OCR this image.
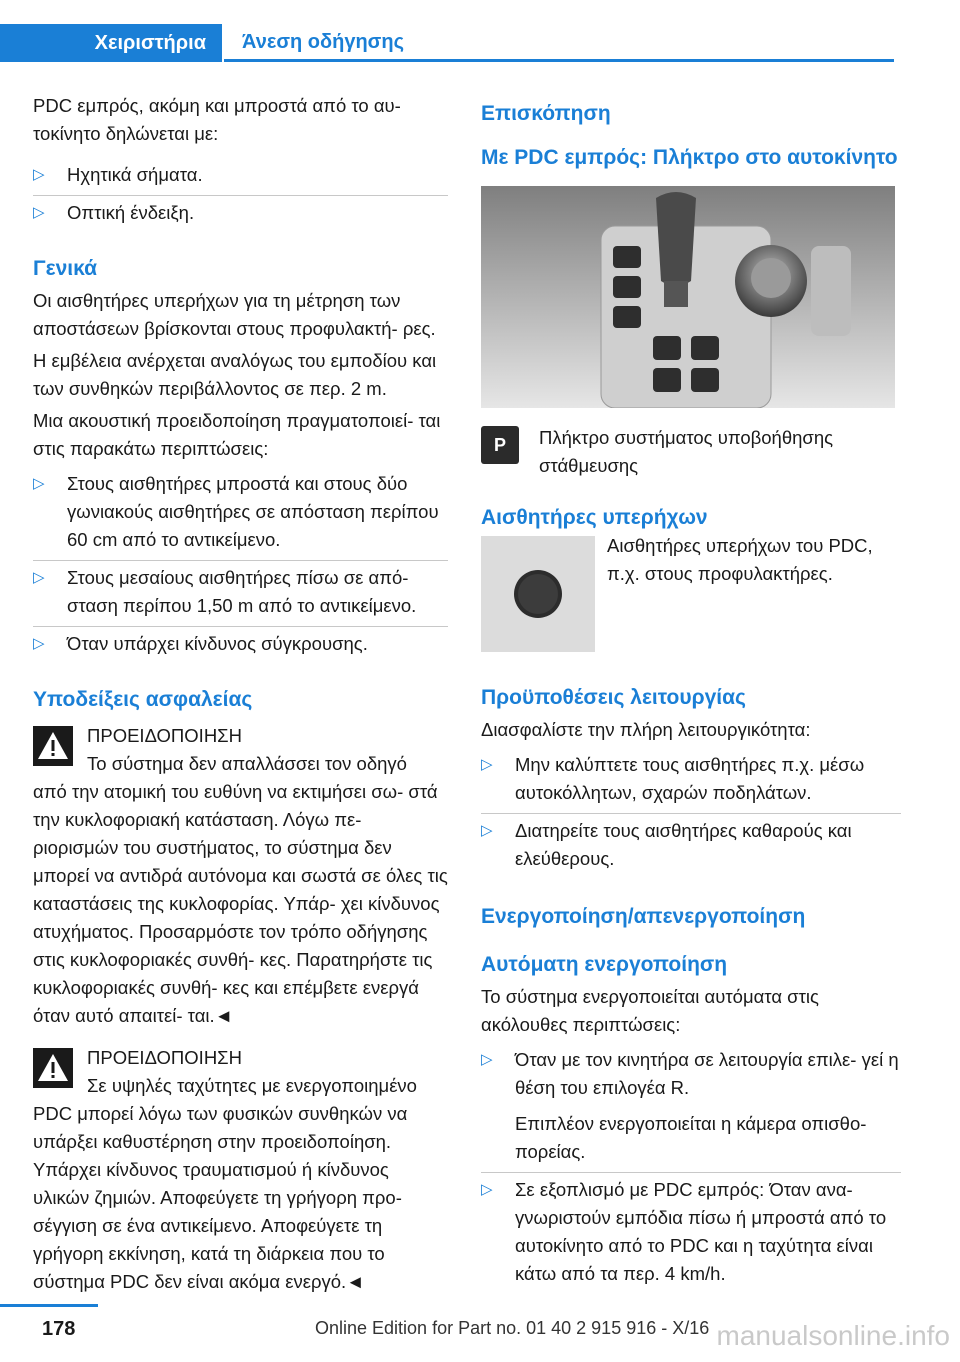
Χειριστήρια	Άνεση οδήγησης

PDC εμπρός, ακόμη και μπροστά από το αυ‐ τοκίνητο δηλώνεται με:

▷ Ηχητικά σήματα.
▷ Οπτική ένδειξη.
Γενικά

Οι αισθητήρες υπερήχων για τη μέτρηση των αποστάσεων βρίσκονται στους προφυλακτή‐ ρες.

Η εμβέλεια ανέρχεται αναλόγως του εμποδίου και των συνθηκών περιβάλλοντος σε περ. 2 m.

Μια ακουστική προειδοποίηση πραγματοποιεί‐ ται στις παρακάτω περιπτώσεις:

▷ Στους αισθητήρες μπροστά και στους δύο γωνιακούς αισθητήρες σε απόσταση περίπου 60 cm από το αντικείμενο.
▷ Στους μεσαίους αισθητήρες πίσω σε από‐ σταση περίπου 1,50 m από το αντικείμενο.
▷ Όταν υπάρχει κίνδυνος σύγκρουσης.
Υποδείξεις ασφαλείας
ΠΡΟΕΙΔΟΠΟΙΗΣΗ
Το σύστημα δεν απαλλάσσει τον οδηγό
από την ατομική του ευθύνη να εκτιμήσει σω‐ στά την κυκλοφοριακή κατάσταση. Λόγω πε‐ ριορισμών του συστήματος, το σύστημα δεν μπορεί να αντιδρά αυτόνομα και σωστά σε όλες τις καταστάσεις της κυκλοφορίας. Υπάρ‐ χει κίνδυνος ατυχήματος. Προσαρμόστε τον τρόπο οδήγησης στις κυκλοφοριακές συνθή‐ κες. Παρατηρήστε τις κυκλοφοριακές συνθή‐ κες και επέμβετε ενεργά όταν αυτό απαιτεί‐ ται.◄
ΠΡΟΕΙΔΟΠΟΙΗΣΗ
Σε υψηλές ταχύτητες με ενεργοποιημένο
PDC μπορεί λόγω των φυσικών συνθηκών να υπάρξει καθυστέρηση στην προειδοποίηση. Υπάρχει κίνδυνος τραυματισμού ή κίνδυνος υλικών ζημιών. Αποφεύγετε τη γρήγορη προ‐ σέγγιση σε ένα αντικείμενο. Αποφεύγετε τη γρήγορη εκκίνηση, κατά τη διάρκεια που το σύστημα PDC δεν είναι ακόμα ενεργό.◄
Επισκόπηση
Με PDC εμπρός: Πλήκτρο στο αυτοκίνητο
P	Πλήκτρο συστήματος υποβοήθησης στάθμευσης

Αισθητήρες υπερήχων

Αισθητήρες υπερήχων του PDC, π.χ. στους προφυλακτήρες.

Προϋποθέσεις λειτουργίας

Διασφαλίστε την πλήρη λειτουργικότητα:

▷ Μην καλύπτετε τους αισθητήρες π.χ. μέσω αυτοκόλλητων, σχαρών ποδηλάτων.
▷ Διατηρείτε τους αισθητήρες καθαρούς και ελεύθερους.
Ενεργοποίηση/απενεργοποίηση
Αυτόματη ενεργοποίηση

Το σύστημα ενεργοποιείται αυτόματα στις ακόλουθες περιπτώσεις:

▷ Όταν με τον κινητήρα σε λειτουργία επιλε‐ γεί η θέση του επιλογέα R.
Επιπλέον ενεργοποιείται η κάμερα οπισθο‐ πορείας.
▷ Σε εξοπλισμό με PDC εμπρός: Όταν ανα‐ γνωριστούν εμπόδια πίσω ή μπροστά από το αυτοκίνητο από το PDC και η ταχύτητα είναι κάτω από τα περ. 4 km/h.
178	Online Edition for Part no. 01 40 2 915 916 - X/16 manualsonline.info
